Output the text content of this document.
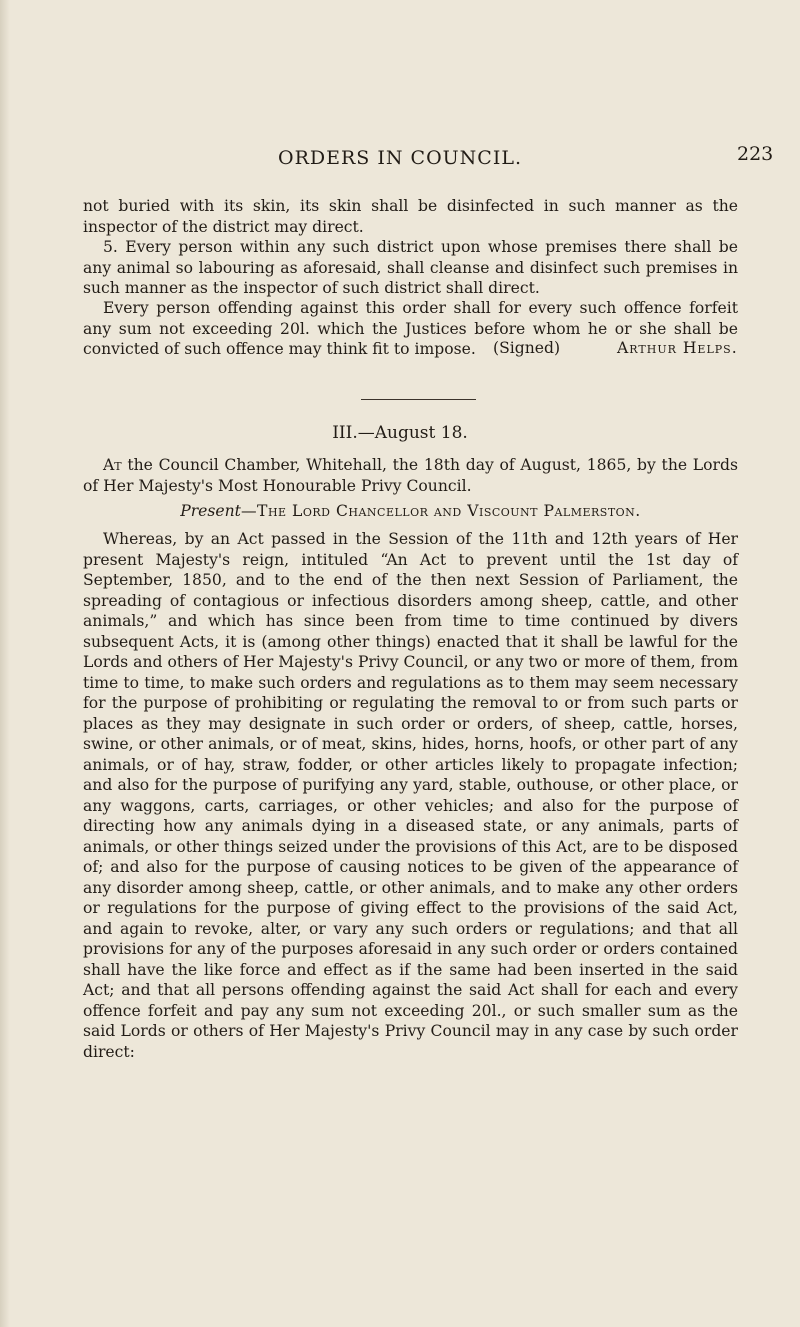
ORDERS IN COUNCIL.	223

not buried with its skin, its skin shall be disinfected in such manner as the inspector of the district may direct.

5. Every person within any such district upon whose premises there shall be any animal so labouring as aforesaid, shall cleanse and disinfect such premises in such manner as the inspector of such district shall direct.

Every person offending against this order shall for every such offence forfeit any sum not exceeding 20l. which the Justices before whom he or she shall be convicted of such offence may think fit to impose.	(Signed)	Arthur Helps.
III.—August 18.

At the Council Chamber, Whitehall, the 18th day of August, 1865, by the Lords of Her Majesty's Most Honourable Privy Council.

Present—The Lord Chancellor and Viscount Palmerston.

Whereas, by an Act passed in the Session of the 11th and 12th years of Her present Majesty's reign, intituled “An Act to prevent until the 1st day of September, 1850, and to the end of the then next Session of Parliament, the spreading of contagious or infectious disorders among sheep, cattle, and other animals,” and which has since been from time to time continued by divers subsequent Acts, it is (among other things) enacted that it shall be lawful for the Lords and others of Her Majesty's Privy Council, or any two or more of them, from time to time, to make such orders and regulations as to them may seem necessary for the purpose of prohibiting or regulating the removal to or from such parts or places as they may designate in such order or orders, of sheep, cattle, horses, swine, or other animals, or of meat, skins, hides, horns, hoofs, or other part of any animals, or of hay, straw, fodder, or other articles likely to propagate infection; and also for the purpose of purifying any yard, stable, outhouse, or other place, or any waggons, carts, carriages, or other vehicles; and also for the purpose of directing how any animals dying in a diseased state, or any animals, parts of animals, or other things seized under the provisions of this Act, are to be disposed of; and also for the purpose of causing notices to be given of the appearance of any disorder among sheep, cattle, or other animals, and to make any other orders or regulations for the purpose of giving effect to the provisions of the said Act, and again to revoke, alter, or vary any such orders or regulations; and that all provisions for any of the purposes aforesaid in any such order or orders contained shall have the like force and effect as if the same had been inserted in the said Act; and that all persons offending against the said Act shall for each and every offence forfeit and pay any sum not exceeding 20l., or such smaller sum as the said Lords or others of Her Majesty's Privy Council may in any case by such order direct:
